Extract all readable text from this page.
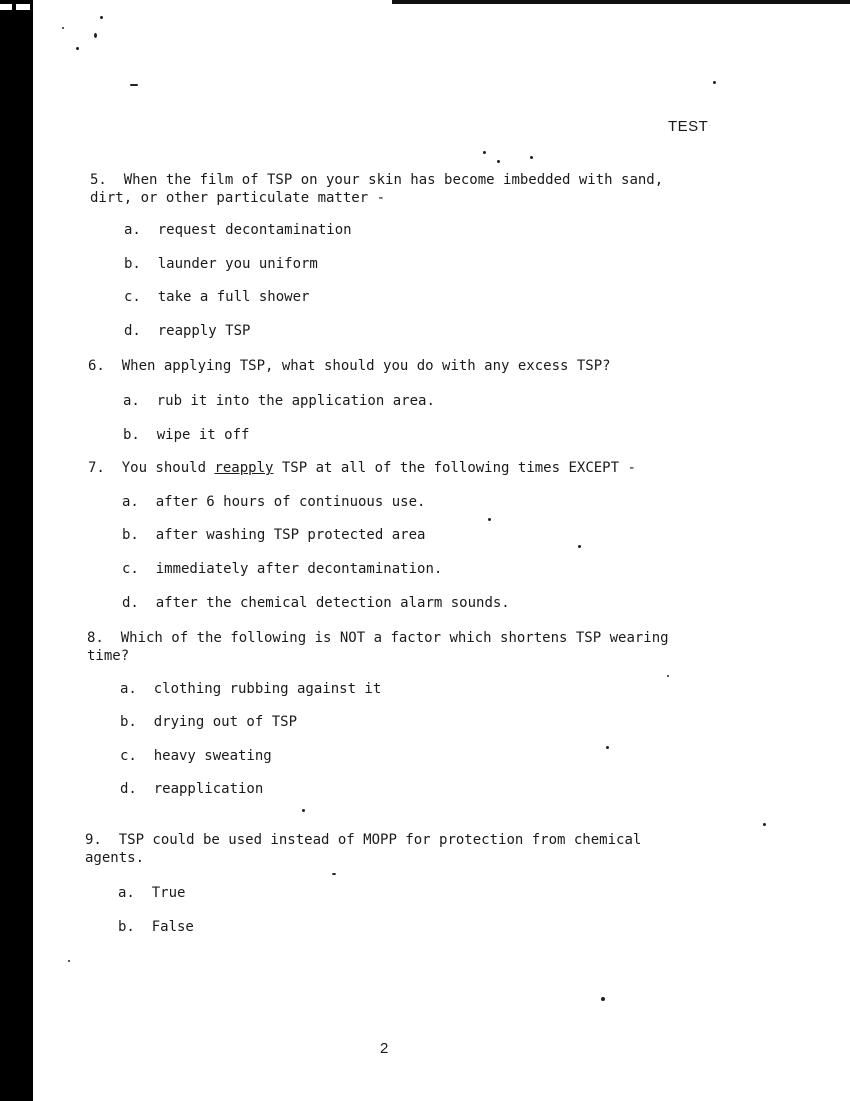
TEST
5. When the film of TSP on your skin has become imbedded with sand,
dirt, or other particulate matter -
a. request decontamination
b. launder you uniform
c. take a full shower
d. reapply TSP
6. When applying TSP, what should you do with any excess TSP?
a. rub it into the application area.
b. wipe it off
7. You should reapply TSP at all of the following times EXCEPT -
a. after 6 hours of continuous use.
b. after washing TSP protected area
c. immediately after decontamination.
d. after the chemical detection alarm sounds.
8. Which of the following is NOT a factor which shortens TSP wearing
time?
a. clothing rubbing against it
b. drying out of TSP
c. heavy sweating
d. reapplication
9. TSP could be used instead of MOPP for protection from chemical
agents.
a. True
b. False
2
